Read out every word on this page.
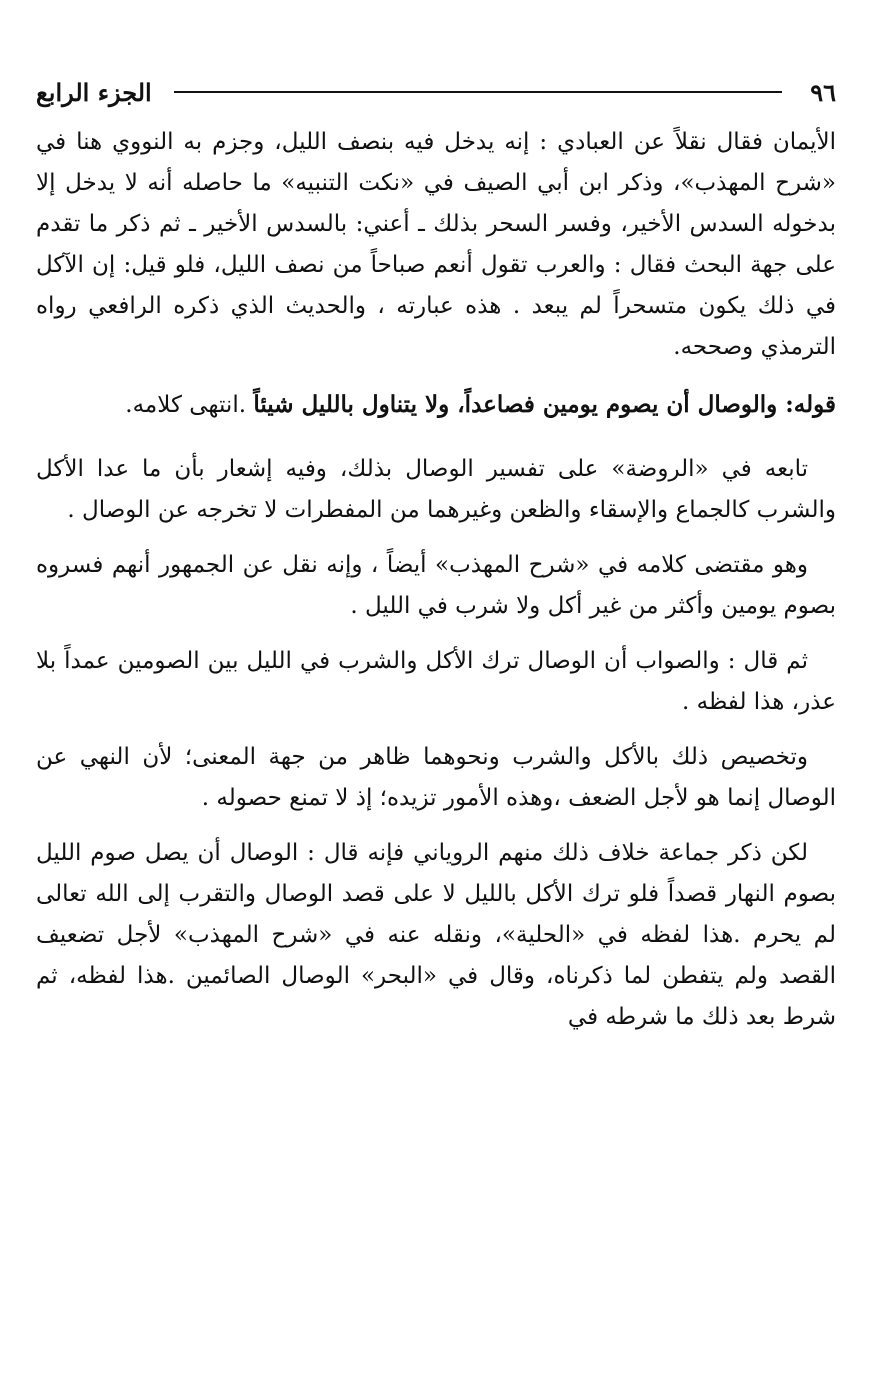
٩٦
الجزء الرابع

الأيمان فقال نقلاً عن العبادي : إنه يدخل فيه بنصف الليل، وجزم به النووي هنا في «شرح المهذب»، وذكر ابن أبي الصيف في «نكت التنبيه» ما حاصله أنه لا يدخل إلا بدخوله السدس الأخير، وفسر السحر بذلك ـ أعني: بالسدس الأخير ـ ثم ذكر ما تقدم على جهة البحث فقال : والعرب تقول أنعم صباحاً من نصف الليل، فلو قيل: إن الآكل في ذلك يكون متسحراً لم يبعد . هذه عبارته ، والحديث الذي ذكره الرافعي رواه الترمذي وصححه.

قوله: والوصال أن يصوم يومين فصاعداً، ولا يتناول بالليل شيئاً .انتهى كلامه.

تابعه في «الروضة» على تفسير الوصال بذلك، وفيه إشعار بأن ما عدا الأكل والشرب كالجماع والإسقاء والظعن وغيرهما من المفطرات لا تخرجه عن الوصال .

وهو مقتضى كلامه في «شرح المهذب» أيضاً ، وإنه نقل عن الجمهور أنهم فسروه بصوم يومين وأكثر من غير أكل ولا شرب في الليل .

ثم قال : والصواب أن الوصال ترك الأكل والشرب في الليل بين الصومين عمداً بلا عذر، هذا لفظه .

وتخصيص ذلك بالأكل والشرب ونحوهما ظاهر من جهة المعنى؛ لأن النهي عن الوصال إنما هو لأجل الضعف ،وهذه الأمور تزيده؛ إذ لا تمنع حصوله .

لكن ذكر جماعة خلاف ذلك منهم الروياني فإنه قال : الوصال أن يصل صوم الليل بصوم النهار قصداً فلو ترك الأكل بالليل لا على قصد الوصال والتقرب إلى الله تعالى لم يحرم .هذا لفظه في «الحلية»، ونقله عنه في «شرح المهذب» لأجل تضعيف القصد ولم يتفطن لما ذكرناه، وقال في «البحر» الوصال الصائمين .هذا لفظه، ثم شرط بعد ذلك ما شرطه في
